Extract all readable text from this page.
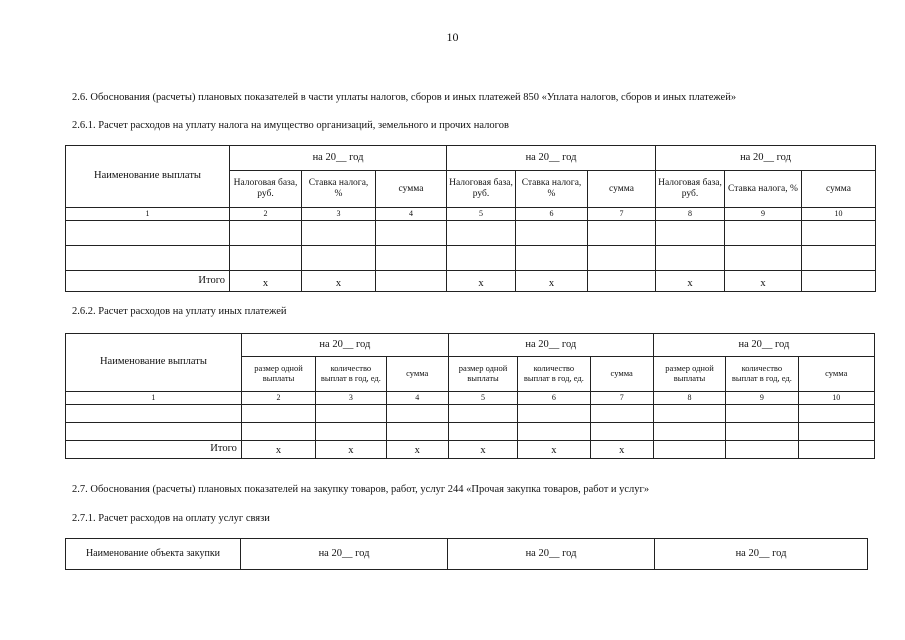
10
2.6. Обоснования (расчеты) плановых показателей в части уплаты налогов, сборов и иных платежей 850 «Уплата налогов, сборов и иных платежей»
2.6.1. Расчет расходов на уплату налога на имущество организаций, земельного и прочих налогов
Наименование выплаты	на 20__ год			на 20__ год			на 20__ год		
	Налоговая база, руб.	Ставка налога, %	сумма	Налоговая база, руб.	Ставка налога, %	сумма	Налоговая база, руб.	Ставка налога, %	сумма
1	2	3	4	5	6	7	8	9	10

Итого	х	х		х	х		х	х	
2.6.2. Расчет расходов на уплату иных платежей
Наименование выплаты	на 20__ год			на 20__ год			на 20__ год		
	размер одной выплаты	количество выплат в год, ед.	сумма	размер одной выплаты	количество выплат в год, ед.	сумма	размер одной выплаты	количество выплат в год, ед.	сумма
1	2	3	4	5	6	7	8	9	10

Итого	х	х	х	х	х	х			
2.7. Обоснования (расчеты) плановых показателей на закупку товаров, работ, услуг 244 «Прочая закупка товаров, работ и услуг»
2.7.1. Расчет расходов на оплату услуг связи
Наименование объекта закупки	на 20__ год	на 20__ год	на 20__ год
